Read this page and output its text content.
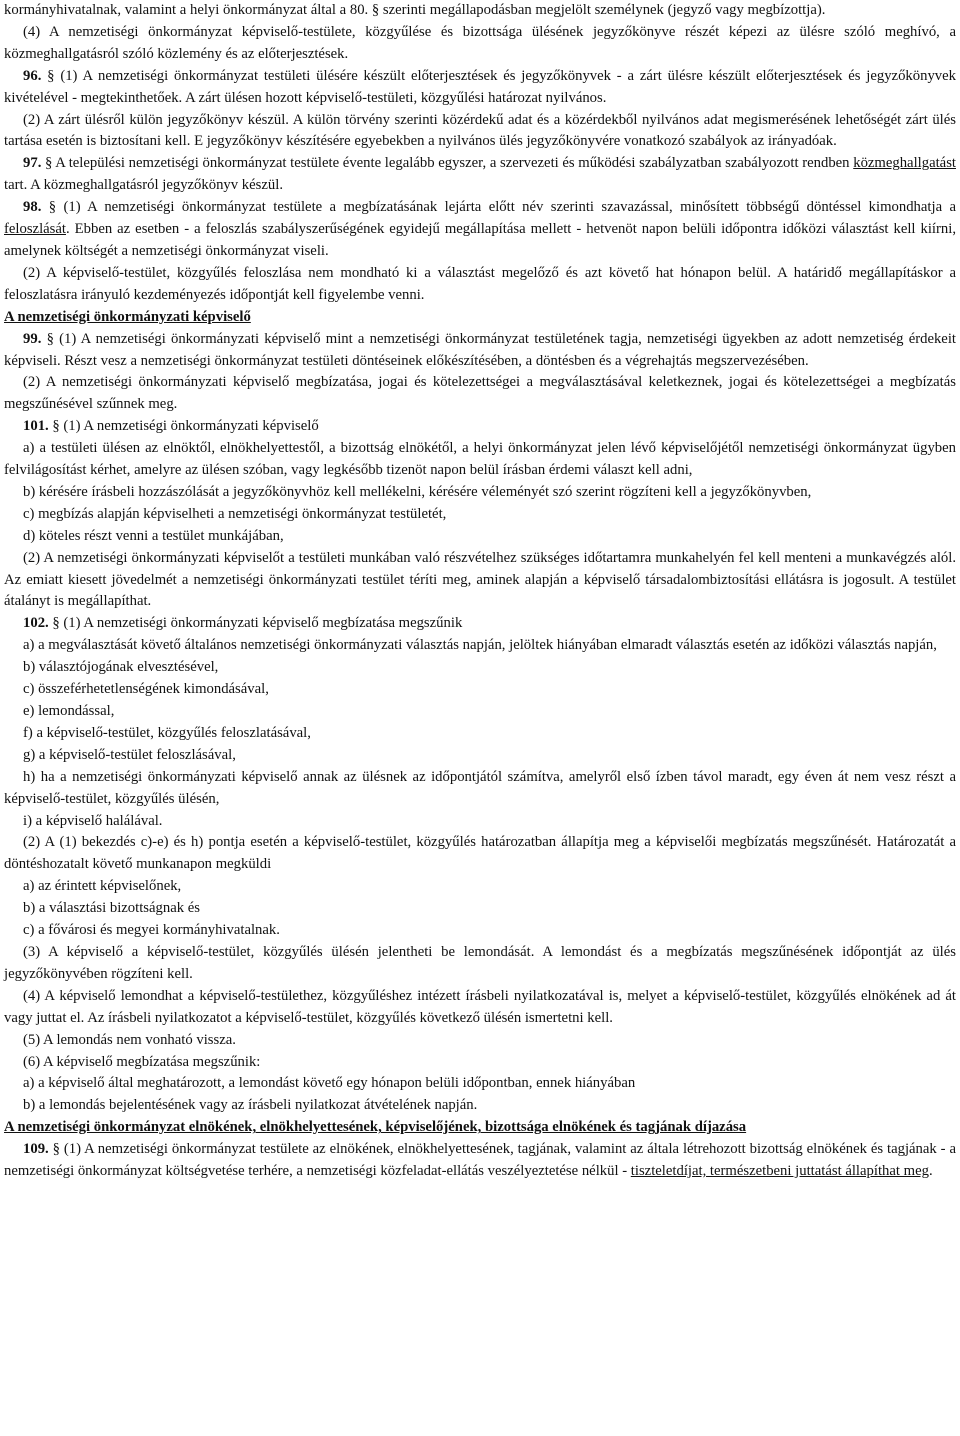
kormányhivatalnak, valamint a helyi önkormányzat által a 80. § szerinti megállapodásban megjelölt személynek (jegyző vagy megbízottja).

(4) A nemzetiségi önkormányzat képviselő-testülete, közgyűlése és bizottsága ülésének jegyzőkönyve részét képezi az ülésre szóló meghívó, a közmeghallgatásról szóló közlemény és az előterjesztések.

96. § (1) A nemzetiségi önkormányzat testületi ülésére készült előterjesztések és jegyzőkönyvek - a zárt ülésre készült előterjesztések és jegyzőkönyvek kivételével - megtekinthetőek. A zárt ülésen hozott képviselő-testületi, közgyűlési határozat nyilvános.

(2) A zárt ülésről külön jegyzőkönyv készül. A külön törvény szerinti közérdekű adat és a közérdekből nyilvános adat megismerésének lehetőségét zárt ülés tartása esetén is biztosítani kell. E jegyzőkönyv készítésére egyebekben a nyilvános ülés jegyzőkönyvére vonatkozó szabályok az irányadóak.

97. § A települési nemzetiségi önkormányzat testülete évente legalább egyszer, a szervezeti és működési szabályzatban szabályozott rendben közmeghallgatást tart. A közmeghallgatásról jegyzőkönyv készül.

98. § (1) A nemzetiségi önkormányzat testülete a megbízatásának lejárta előtt név szerinti szavazással, minősített többségű döntéssel kimondhatja a feloszlását. Ebben az esetben - a feloszlás szabályszerűségének egyidejű megállapítása mellett - hetvenöt napon belüli időpontra időközi választást kell kiírni, amelynek költségét a nemzetiségi önkormányzat viseli.

(2) A képviselő-testület, közgyűlés feloszlása nem mondható ki a választást megelőző és azt követő hat hónapon belül. A határidő megállapításkor a feloszlatásra irányuló kezdeményezés időpontját kell figyelembe venni.

A nemzetiségi önkormányzati képviselő

99. § (1) A nemzetiségi önkormányzati képviselő mint a nemzetiségi önkormányzat testületének tagja, nemzetiségi ügyekben az adott nemzetiség érdekeit képviseli. Részt vesz a nemzetiségi önkormányzat testületi döntéseinek előkészítésében, a döntésben és a végrehajtás megszervezésében.

(2) A nemzetiségi önkormányzati képviselő megbízatása, jogai és kötelezettségei a megválasztásával keletkeznek, jogai és kötelezettségei a megbízatás megszűnésével szűnnek meg.

101. § (1) A nemzetiségi önkormányzati képviselő

a) a testületi ülésen az elnöktől, elnökhelyettestől, a bizottság elnökétől, a helyi önkormányzat jelen lévő képviselőjétől nemzetiségi önkormányzat ügyben felvilágosítást kérhet, amelyre az ülésen szóban, vagy legkésőbb tizenöt napon belül írásban érdemi választ kell adni,

b) kérésére írásbeli hozzászólását a jegyzőkönyvhöz kell mellékelni, kérésére véleményét szó szerint rögzíteni kell a jegyzőkönyvben,

c) megbízás alapján képviselheti a nemzetiségi önkormányzat testületét,

d) köteles részt venni a testület munkájában,

(2) A nemzetiségi önkormányzati képviselőt a testületi munkában való részvételhez szükséges időtartamra munkahelyén fel kell menteni a munkavégzés alól. Az emiatt kiesett jövedelmét a nemzetiségi önkormányzati testület téríti meg, aminek alapján a képviselő társadalombiztosítási ellátásra is jogosult. A testület átalányt is megállapíthat.

102. § (1) A nemzetiségi önkormányzati képviselő megbízatása megszűnik

a) a megválasztását követő általános nemzetiségi önkormányzati választás napján, jelöltek hiányában elmaradt választás esetén az időközi választás napján,

b) választójogának elvesztésével,

c) összeférhetetlenségének kimondásával,

e) lemondással,

f) a képviselő-testület, közgyűlés feloszlatásával,

g) a képviselő-testület feloszlásával,

h) ha a nemzetiségi önkormányzati képviselő annak az ülésnek az időpontjától számítva, amelyről első ízben távol maradt, egy éven át nem vesz részt a képviselő-testület, közgyűlés ülésén,

i) a képviselő halálával.

(2) A (1) bekezdés c)-e) és h) pontja esetén a képviselő-testület, közgyűlés határozatban állapítja meg a képviselői megbízatás megszűnését. Határozatát a döntéshozatalt követő munkanapon megküldi

a) az érintett képviselőnek,

b) a választási bizottságnak és

c) a fővárosi és megyei kormányhivatalnak.

(3) A képviselő a képviselő-testület, közgyűlés ülésén jelentheti be lemondását. A lemondást és a megbízatás megszűnésének időpontját az ülés jegyzőkönyvében rögzíteni kell.

(4) A képviselő lemondhat a képviselő-testülethez, közgyűléshez intézett írásbeli nyilatkozatával is, melyet a képviselő-testület, közgyűlés elnökének ad át vagy juttat el. Az írásbeli nyilatkozatot a képviselő-testület, közgyűlés következő ülésén ismertetni kell.

(5) A lemondás nem vonható vissza.

(6) A képviselő megbízatása megszűnik:

a) a képviselő által meghatározott, a lemondást követő egy hónapon belüli időpontban, ennek hiányában

b) a lemondás bejelentésének vagy az írásbeli nyilatkozat átvételének napján.

A nemzetiségi önkormányzat elnökének, elnökhelyettesének, képviselőjének, bizottsága elnökének és tagjának díjazása

109. § (1) A nemzetiségi önkormányzat testülete az elnökének, elnökhelyettesének, tagjának, valamint az általa létrehozott bizottság elnökének és tagjának - a nemzetiségi önkormányzat költségvetése terhére, a nemzetiségi közfeladat-ellátás veszélyeztetése nélkül - tiszteletdíjat, természetbeni juttatást állapíthat meg.
